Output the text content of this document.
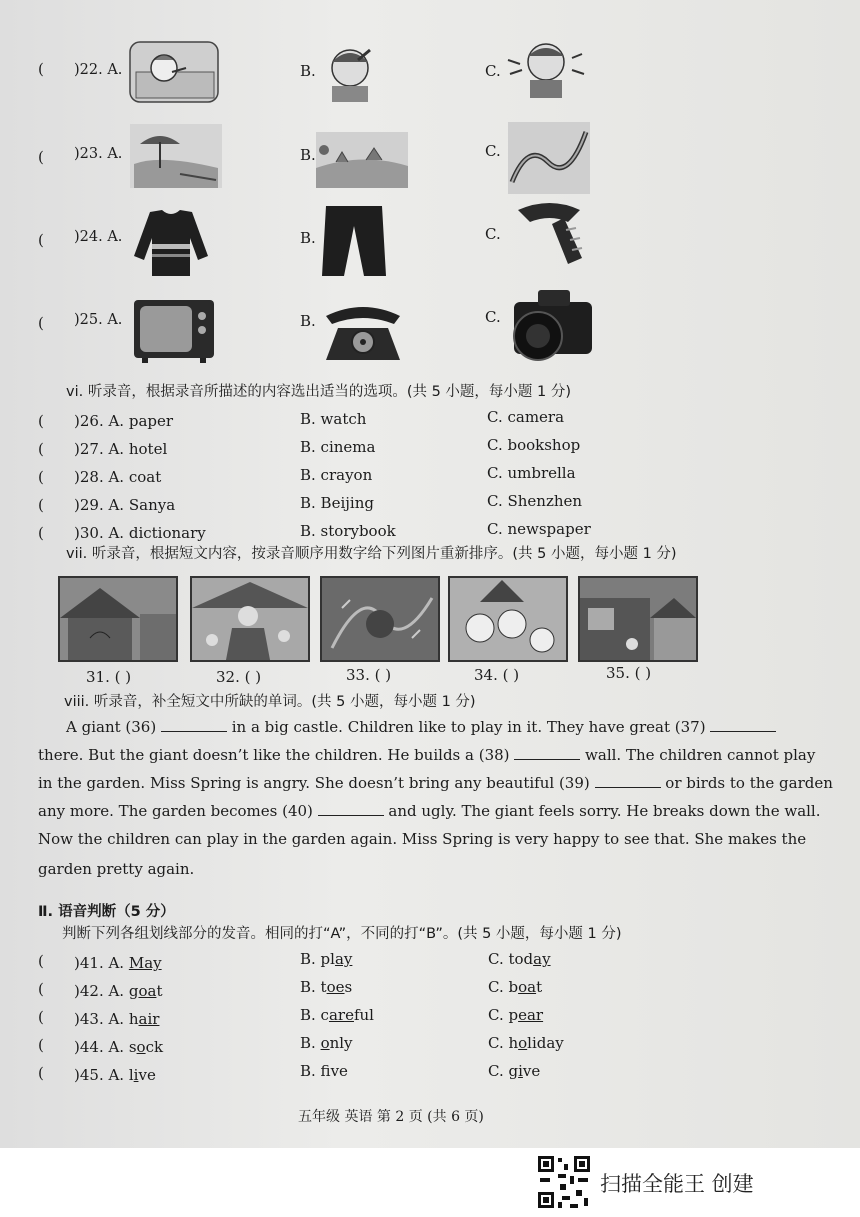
( )22. A.	B.	C.
( )23. A.	B.	C.
( )24. A.	B.	C.
( )25. A.	B.	C.
vi. 听录音，根据录音所描述的内容选出适当的选项。(共 5 小题，每小题 1 分)
( )26. A. paper	B. watch	C. camera
( )27. A. hotel	B. cinema	C. bookshop
( )28. A. coat	B. crayon	C. umbrella
( )29. A. Sanya	B. Beijing	C. Shenzhen
( )30. A. dictionary	B. storybook	C. newspaper
vii. 听录音，根据短文内容，按录音顺序用数字给下列图片重新排序。(共 5 小题，每小题 1 分)
31. ( )	32. ( )	33. ( )	34. ( )	35. ( )
viii. 听录音，补全短文中所缺的单词。(共 5 小题，每小题 1 分)
A giant (36)	in a big castle. Children like to play in it. They have great (37)
there. But the giant doesn’t like the children. He builds a (38)	wall. The children cannot play
in the garden. Miss Spring is angry. She doesn’t bring any beautiful (39)	or birds to the garden
any more. The garden becomes (40)	and ugly. The giant feels sorry. He breaks down the wall.
Now the children can play in the garden again. Miss Spring is very happy to see that. She makes the
garden pretty again.
Ⅱ. 语音判断（5 分）
判断下列各组划线部分的发音。相同的打“A”，不同的打“B”。(共 5 小题，每小题 1 分)
( )41. A. May	B. play	C. today
( )42. A. goat	B. toes	C. boat
( )43. A. hair	B. careful	C. pear
( )44. A. sock	B. only	C. holiday
( )45. A. live	B. fve	C. give
五年级 英语 第 2 页 (共 6 页)
扫描全能王 创建
